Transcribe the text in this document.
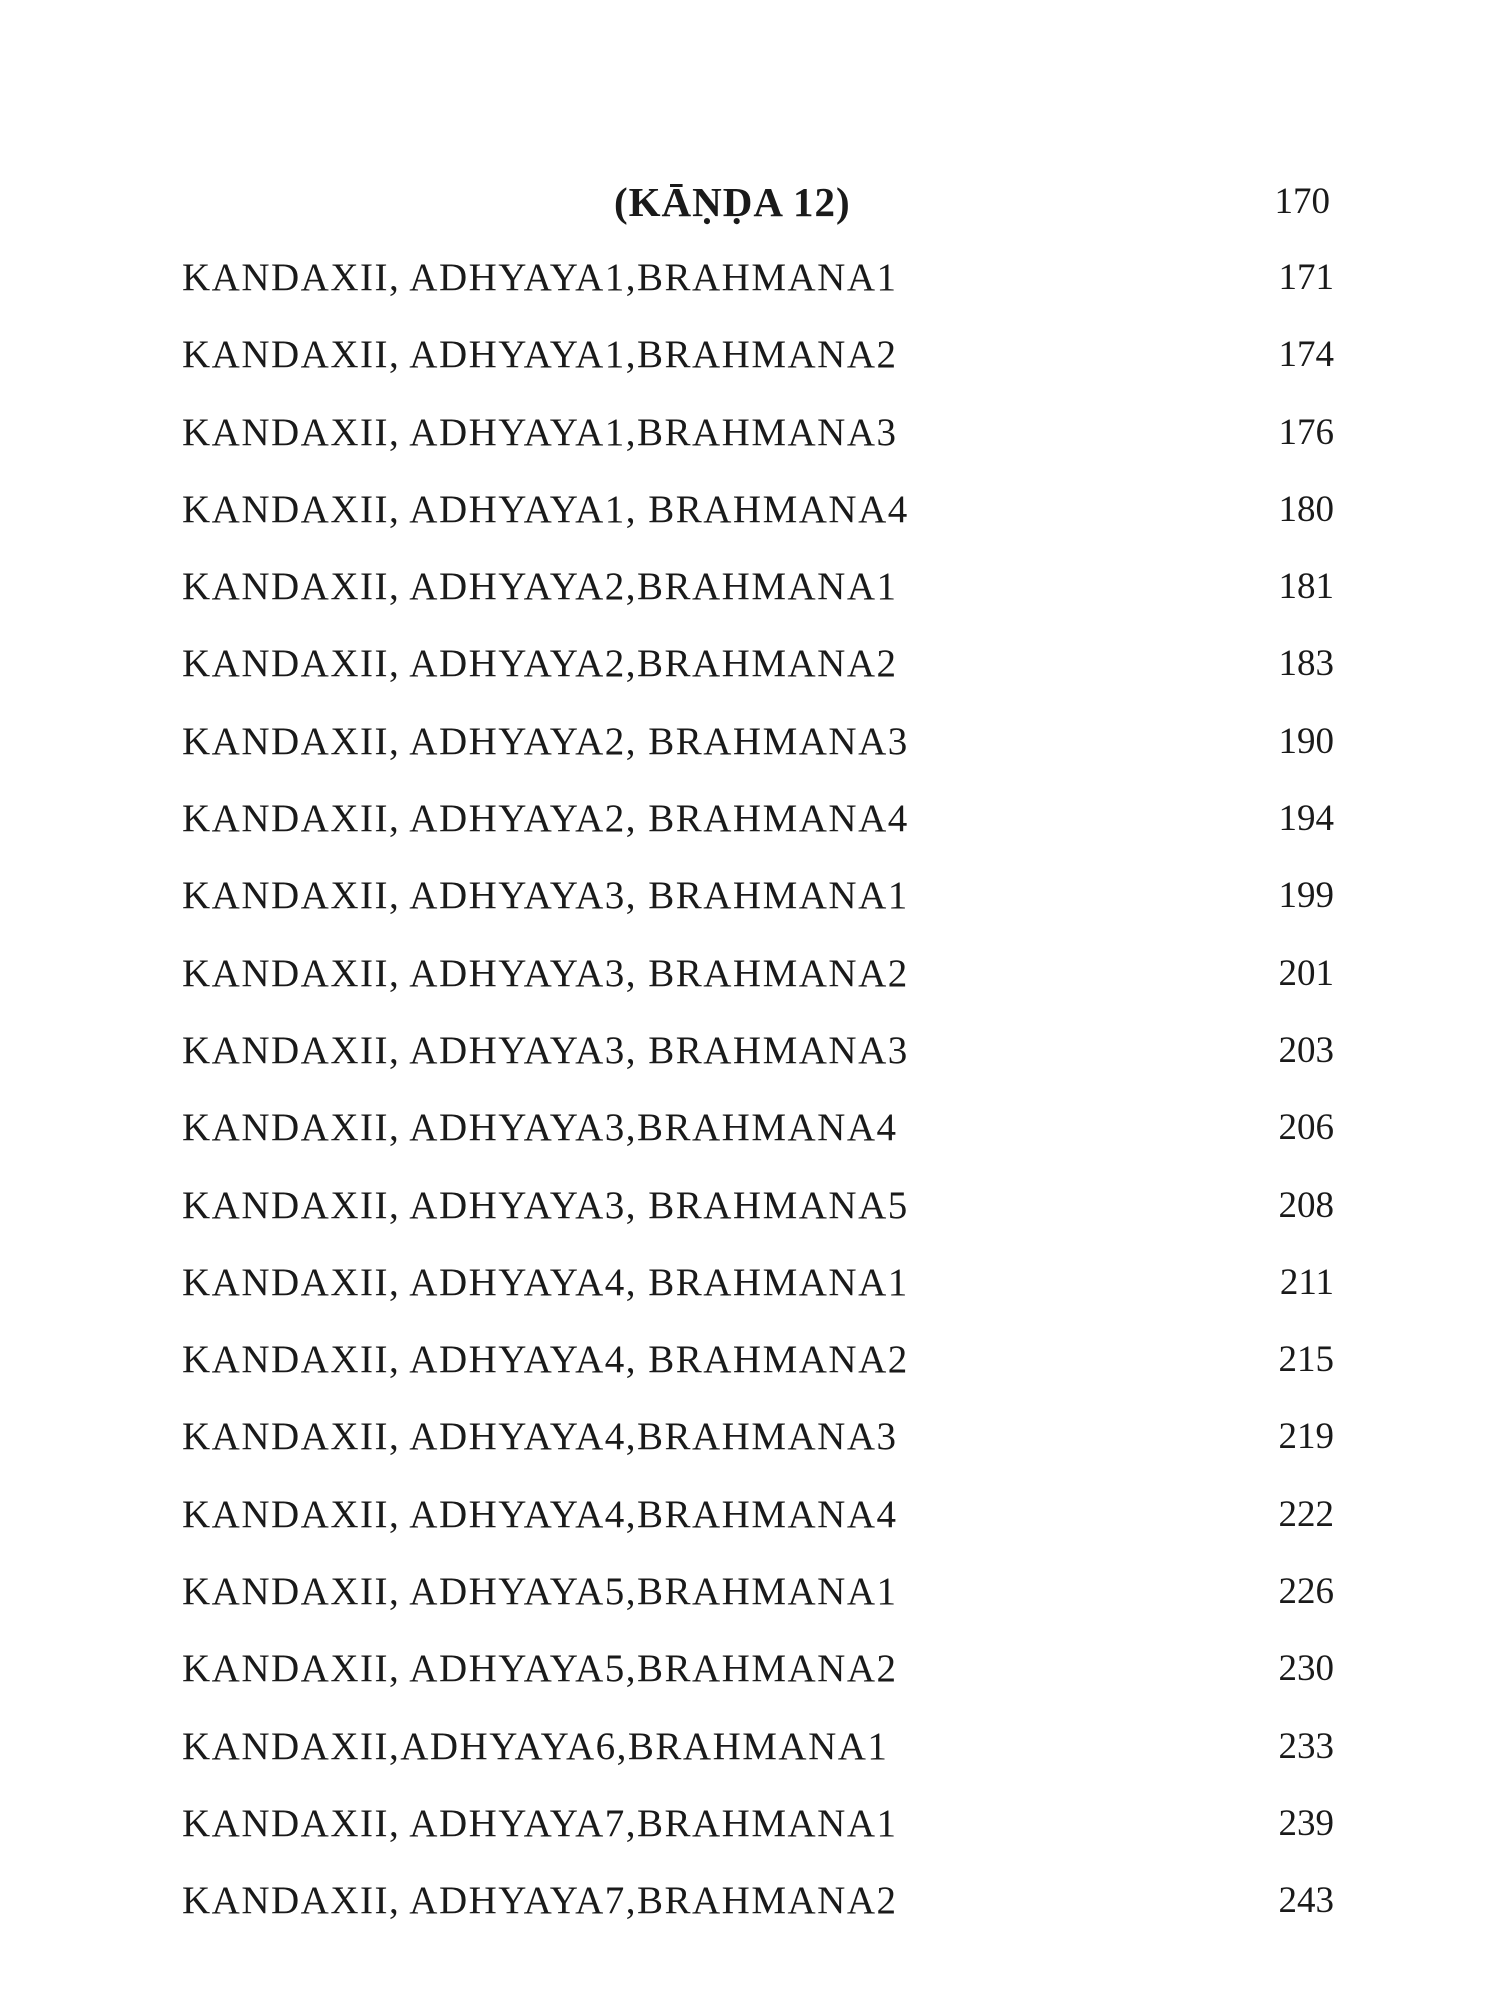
(KĀṆḌA 12)	170
KANDAXII, ADHYAYA1,BRAHMANA1	171
KANDAXII, ADHYAYA1,BRAHMANA2	174
KANDAXII, ADHYAYA1,BRAHMANA3	176
KANDAXII, ADHYAYA1, BRAHMANA4	180
KANDAXII, ADHYAYA2,BRAHMANA1	181
KANDAXII, ADHYAYA2,BRAHMANA2	183
KANDAXII, ADHYAYA2, BRAHMANA3	190
KANDAXII, ADHYAYA2, BRAHMANA4	194
KANDAXII, ADHYAYA3, BRAHMANA1	199
KANDAXII, ADHYAYA3, BRAHMANA2	201
KANDAXII, ADHYAYA3, BRAHMANA3	203
KANDAXII, ADHYAYA3,BRAHMANA4	206
KANDAXII, ADHYAYA3, BRAHMANA5	208
KANDAXII, ADHYAYA4, BRAHMANA1	211
KANDAXII, ADHYAYA4, BRAHMANA2	215
KANDAXII, ADHYAYA4,BRAHMANA3	219
KANDAXII, ADHYAYA4,BRAHMANA4	222
KANDAXII, ADHYAYA5,BRAHMANA1	226
KANDAXII, ADHYAYA5,BRAHMANA2	230
KANDAXII,ADHYAYA6,BRAHMANA1	233
KANDAXII, ADHYAYA7,BRAHMANA1	239
KANDAXII, ADHYAYA7,BRAHMANA2	243
